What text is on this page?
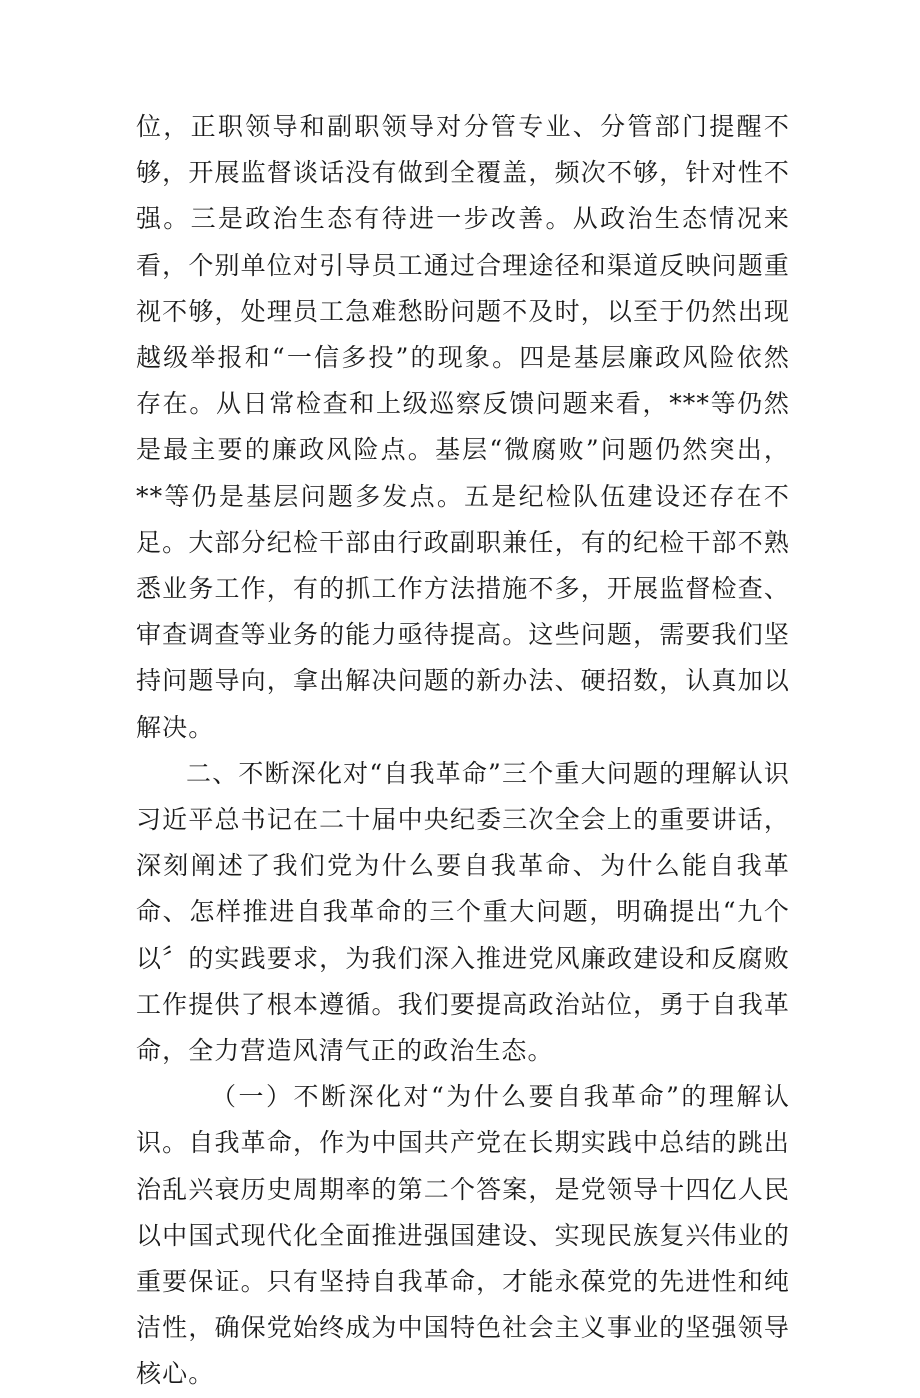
位，正职领导和副职领导对分管专业、分管部门提醒不够，开展监督谈话没有做到全覆盖，频次不够，针对性不强。三是政治生态有待进一步改善。从政治生态情况来看，个别单位对引导员工通过合理途径和渠道反映问题重视不够，处理员工急难愁盼问题不及时，以至于仍然出现越级举报和“一信多投”的现象。四是基层廉政风险依然存在。从日常检查和上级巡察反馈问题来看，***等仍然是最主要的廉政风险点。基层“微腐败”问题仍然突出，**等仍是基层问题多发点。五是纪检队伍建设还存在不足。大部分纪检干部由行政副职兼任，有的纪检干部不熟悉业务工作，有的抓工作方法措施不多，开展监督检查、审查调查等业务的能力亟待提高。这些问题，需要我们坚持问题导向，拿出解决问题的新办法、硬招数，认真加以解决。

二、不断深化对“自我革命”三个重大问题的理解认识习近平总书记在二十届中央纪委三次全会上的重要讲话，深刻阐述了我们党为什么要自我革命、为什么能自我革命、怎样推进自我革命的三个重大问题，明确提出“九个以〞的实践要求，为我们深入推进党风廉政建设和反腐败工作提供了根本遵循。我们要提高政治站位，勇于自我革命，全力营造风清气正的政治生态。

（一）不断深化对“为什么要自我革命”的理解认识。自我革命，作为中国共产党在长期实践中总结的跳出治乱兴衰历史周期率的第二个答案，是党领导十四亿人民以中国式现代化全面推进强国建设、实现民族复兴伟业的重要保证。只有坚持自我革命，才能永葆党的先进性和纯洁性，确保党始终成为中国特色社会主义事业的坚强领导核心。
